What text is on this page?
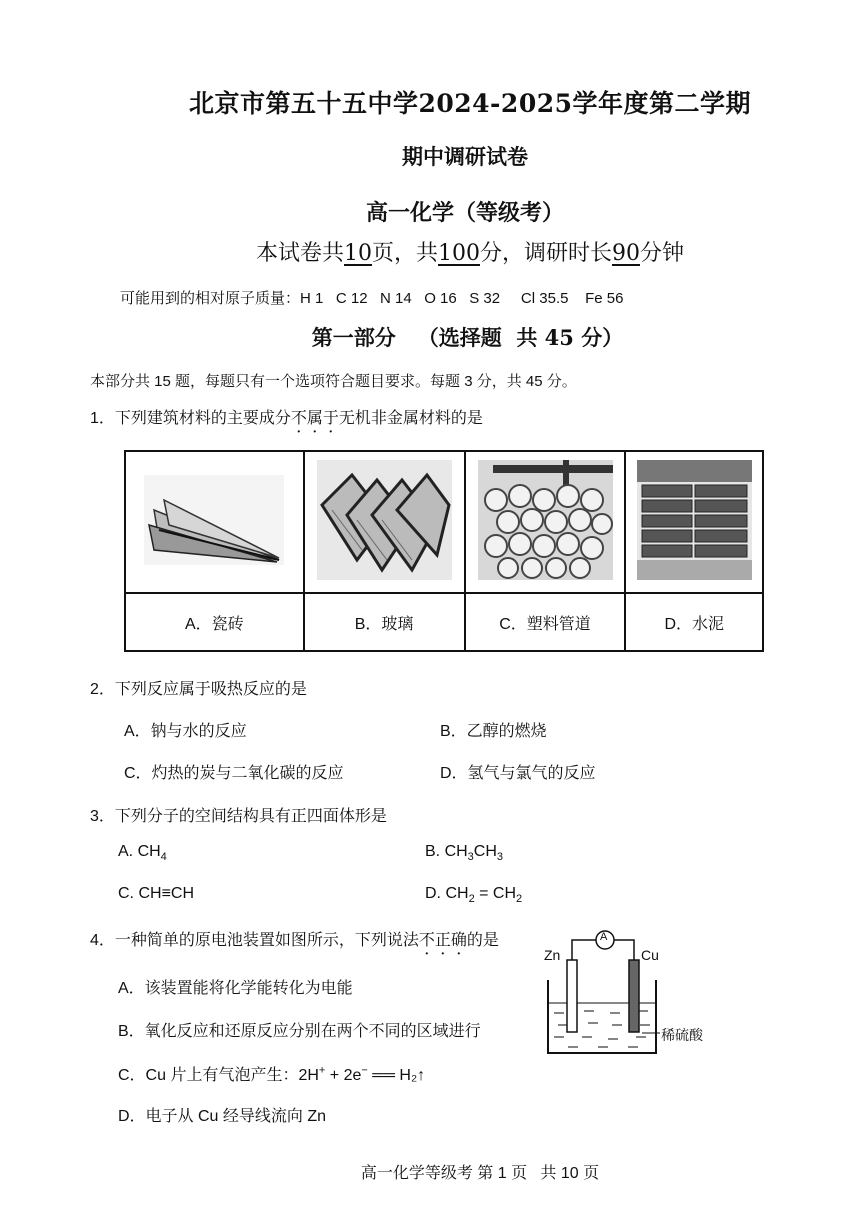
北京市第五十五中学2024-2025学年度第二学期
期中调研试卷
高一化学（等级考）
本试卷共10页，共100分，调研时长90分钟
可能用到的相对原子质量：H 1   C 12   N 14   O 16   S 32     Cl 35.5    Fe 56
第一部分   （选择题  共 45 分）
本部分共 15 题，每题只有一个选项符合题目要求。每题 3 分，共 45 分。
1．下列建筑材料的主要成分不属于无机非金属材料的是

A．瓷砖	B．玻璃	C．塑料管道	D．水泥
2．下列反应属于吸热反应的是
A．钠与水的反应	B．乙醇的燃烧
C．灼热的炭与二氧化碳的反应	D．氢气与氯气的反应
3．下列分子的空间结构具有正四面体形是
A. $CH_4$	B. $CH_3CH_3$
C. CH≡CH	D. $CH_2 = CH_2$
4．一种简单的原电池装置如图所示，下列说法不正确的是
A．该装置能将化学能转化为电能
B．氧化反应和还原反应分别在两个不同的区域进行
C．Cu 片上有气泡产生：2H+ + 2e− ══ H₂↑
D．电子从 Cu 经导线流向 Zn
Zn	Cu
A
稀硫酸
高一化学等级考 第 1 页   共 10 页
